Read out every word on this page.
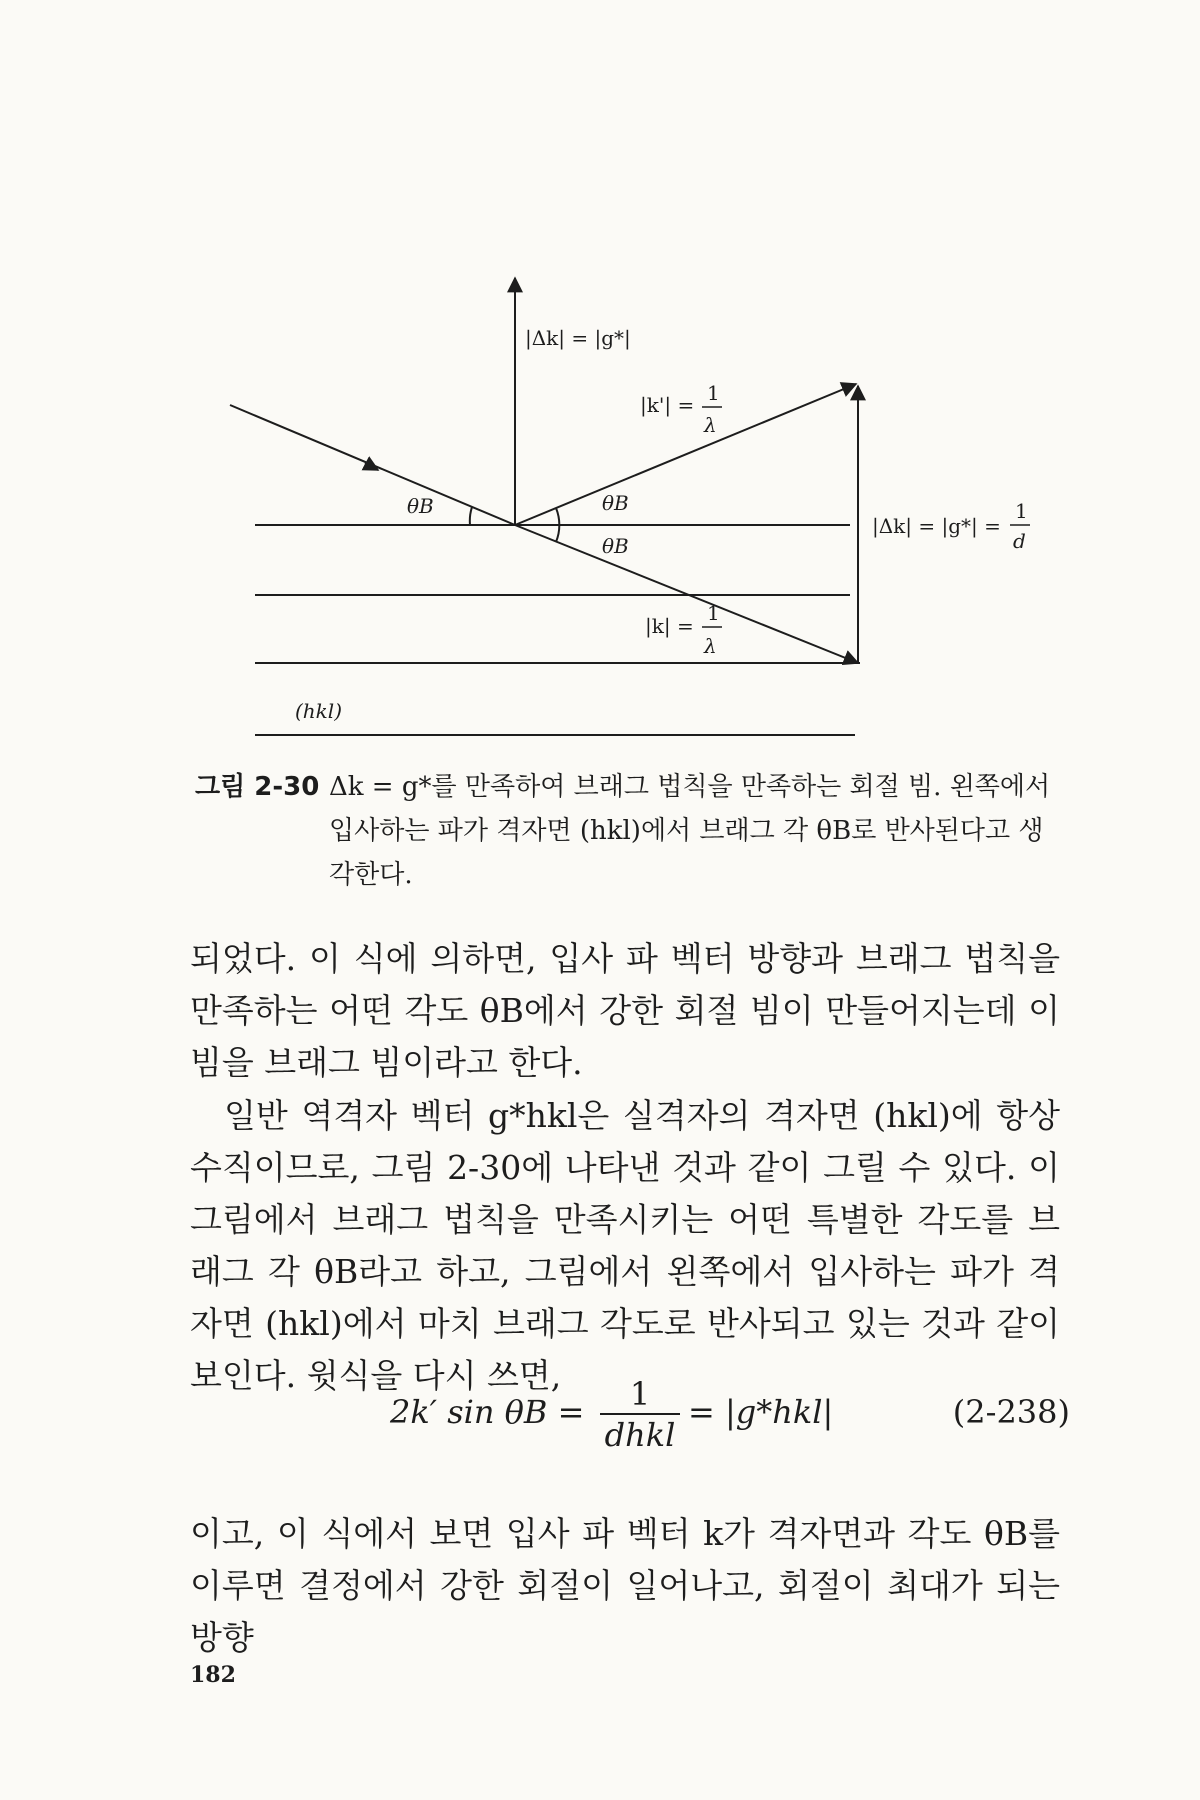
|Δk| = |g*|
|k'| = 1
λ
θB	θB
θB
|Δk| = |g*| =
1
d
|k| =
1
λ
(hkl)
그림 2-30 Δk = g*를 만족하여 브래그 법칙을 만족하는 회절 빔. 왼쪽에서 입사하는 파가 격자면 (hkl)에서 브래그 각 θB로 반사된다고 생각한다.

되었다. 이 식에 의하면, 입사 파 벡터 방향과 브래그 법칙을 만족하는 어떤 각도 θB에서 강한 회절 빔이 만들어지는데 이 빔을 브래그 빔이라고 한다.

일반 역격자 벡터 g*hkl은 실격자의 격자면 (hkl)에 항상 수직이므로, 그림 2-30에 나타낸 것과 같이 그릴 수 있다. 이 그림에서 브래그 법칙을 만족시키는 어떤 특별한 각도를 브래그 각 θB라고 하고, 그림에서 왼쪽에서 입사하는 파가 격자면 (hkl)에서 마치 브래그 각도로 반사되고 있는 것과 같이 보인다. 윗식을 다시 쓰면,

2k′ sin θB =	1
dhkl
= |g*hkl|	(2-238)

이고, 이 식에서 보면 입사 파 벡터 k가 격자면과 각도 θB를 이루면 결정에서 강한 회절이 일어나고, 회절이 최대가 되는 방향

182
